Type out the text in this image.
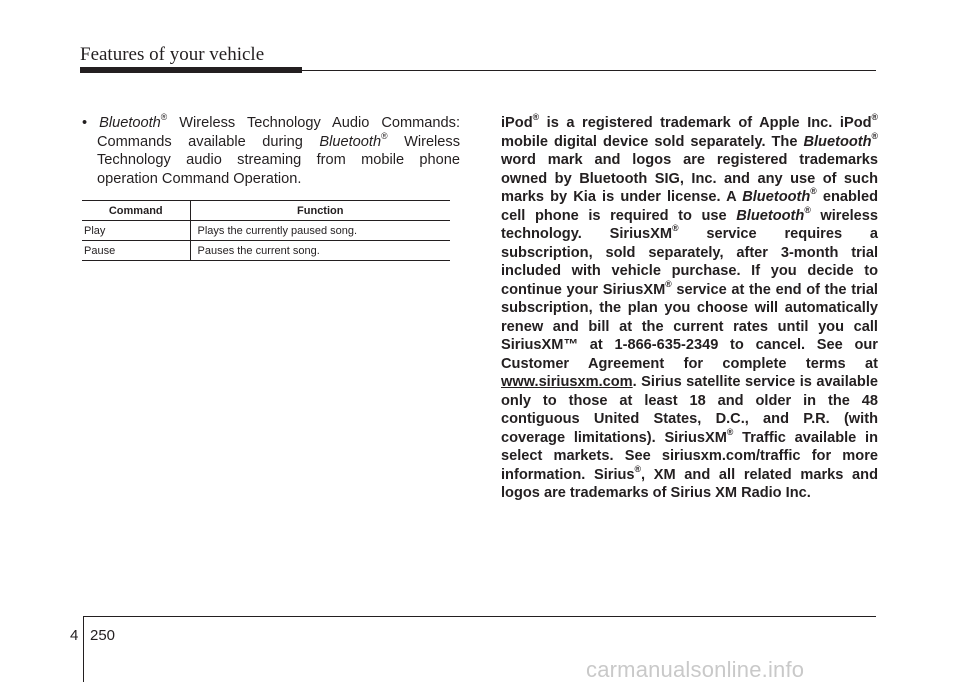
Features of your vehicle

• Bluetooth® Wireless Technology Audio Commands: Commands available during Bluetooth® Wireless Technology audio streaming from mobile phone operation Command Operation.

Command	Function
Play	Plays the currently paused song.
Pause	Pauses the current song.
iPod® is a registered trademark of Apple Inc. iPod® mobile digital device sold separately. The Bluetooth® word mark and logos are registered trademarks owned by Bluetooth SIG, Inc. and any use of such marks by Kia is under license. A Bluetooth® enabled cell phone is required to use Bluetooth® wireless technology. SiriusXM® service requires a subscription, sold separately, after 3-month trial included with vehicle purchase. If you decide to continue your SiriusXM® service at the end of the trial subscription, the plan you choose will automatically renew and bill at the current rates until you call SiriusXM™ at 1-866-635-2349 to cancel. See our Customer Agreement for complete terms at www.siriusxm.com. Sirius satellite service is available only to those at least 18 and older in the 48 contiguous United States, D.C., and P.R. (with coverage limitations). SiriusXM® Traffic available in select markets. See siriusxm.com/traffic for more information. Sirius®, XM and all related marks and logos are trademarks of Sirius XM Radio Inc.
4 250
carmanualsonline.info
